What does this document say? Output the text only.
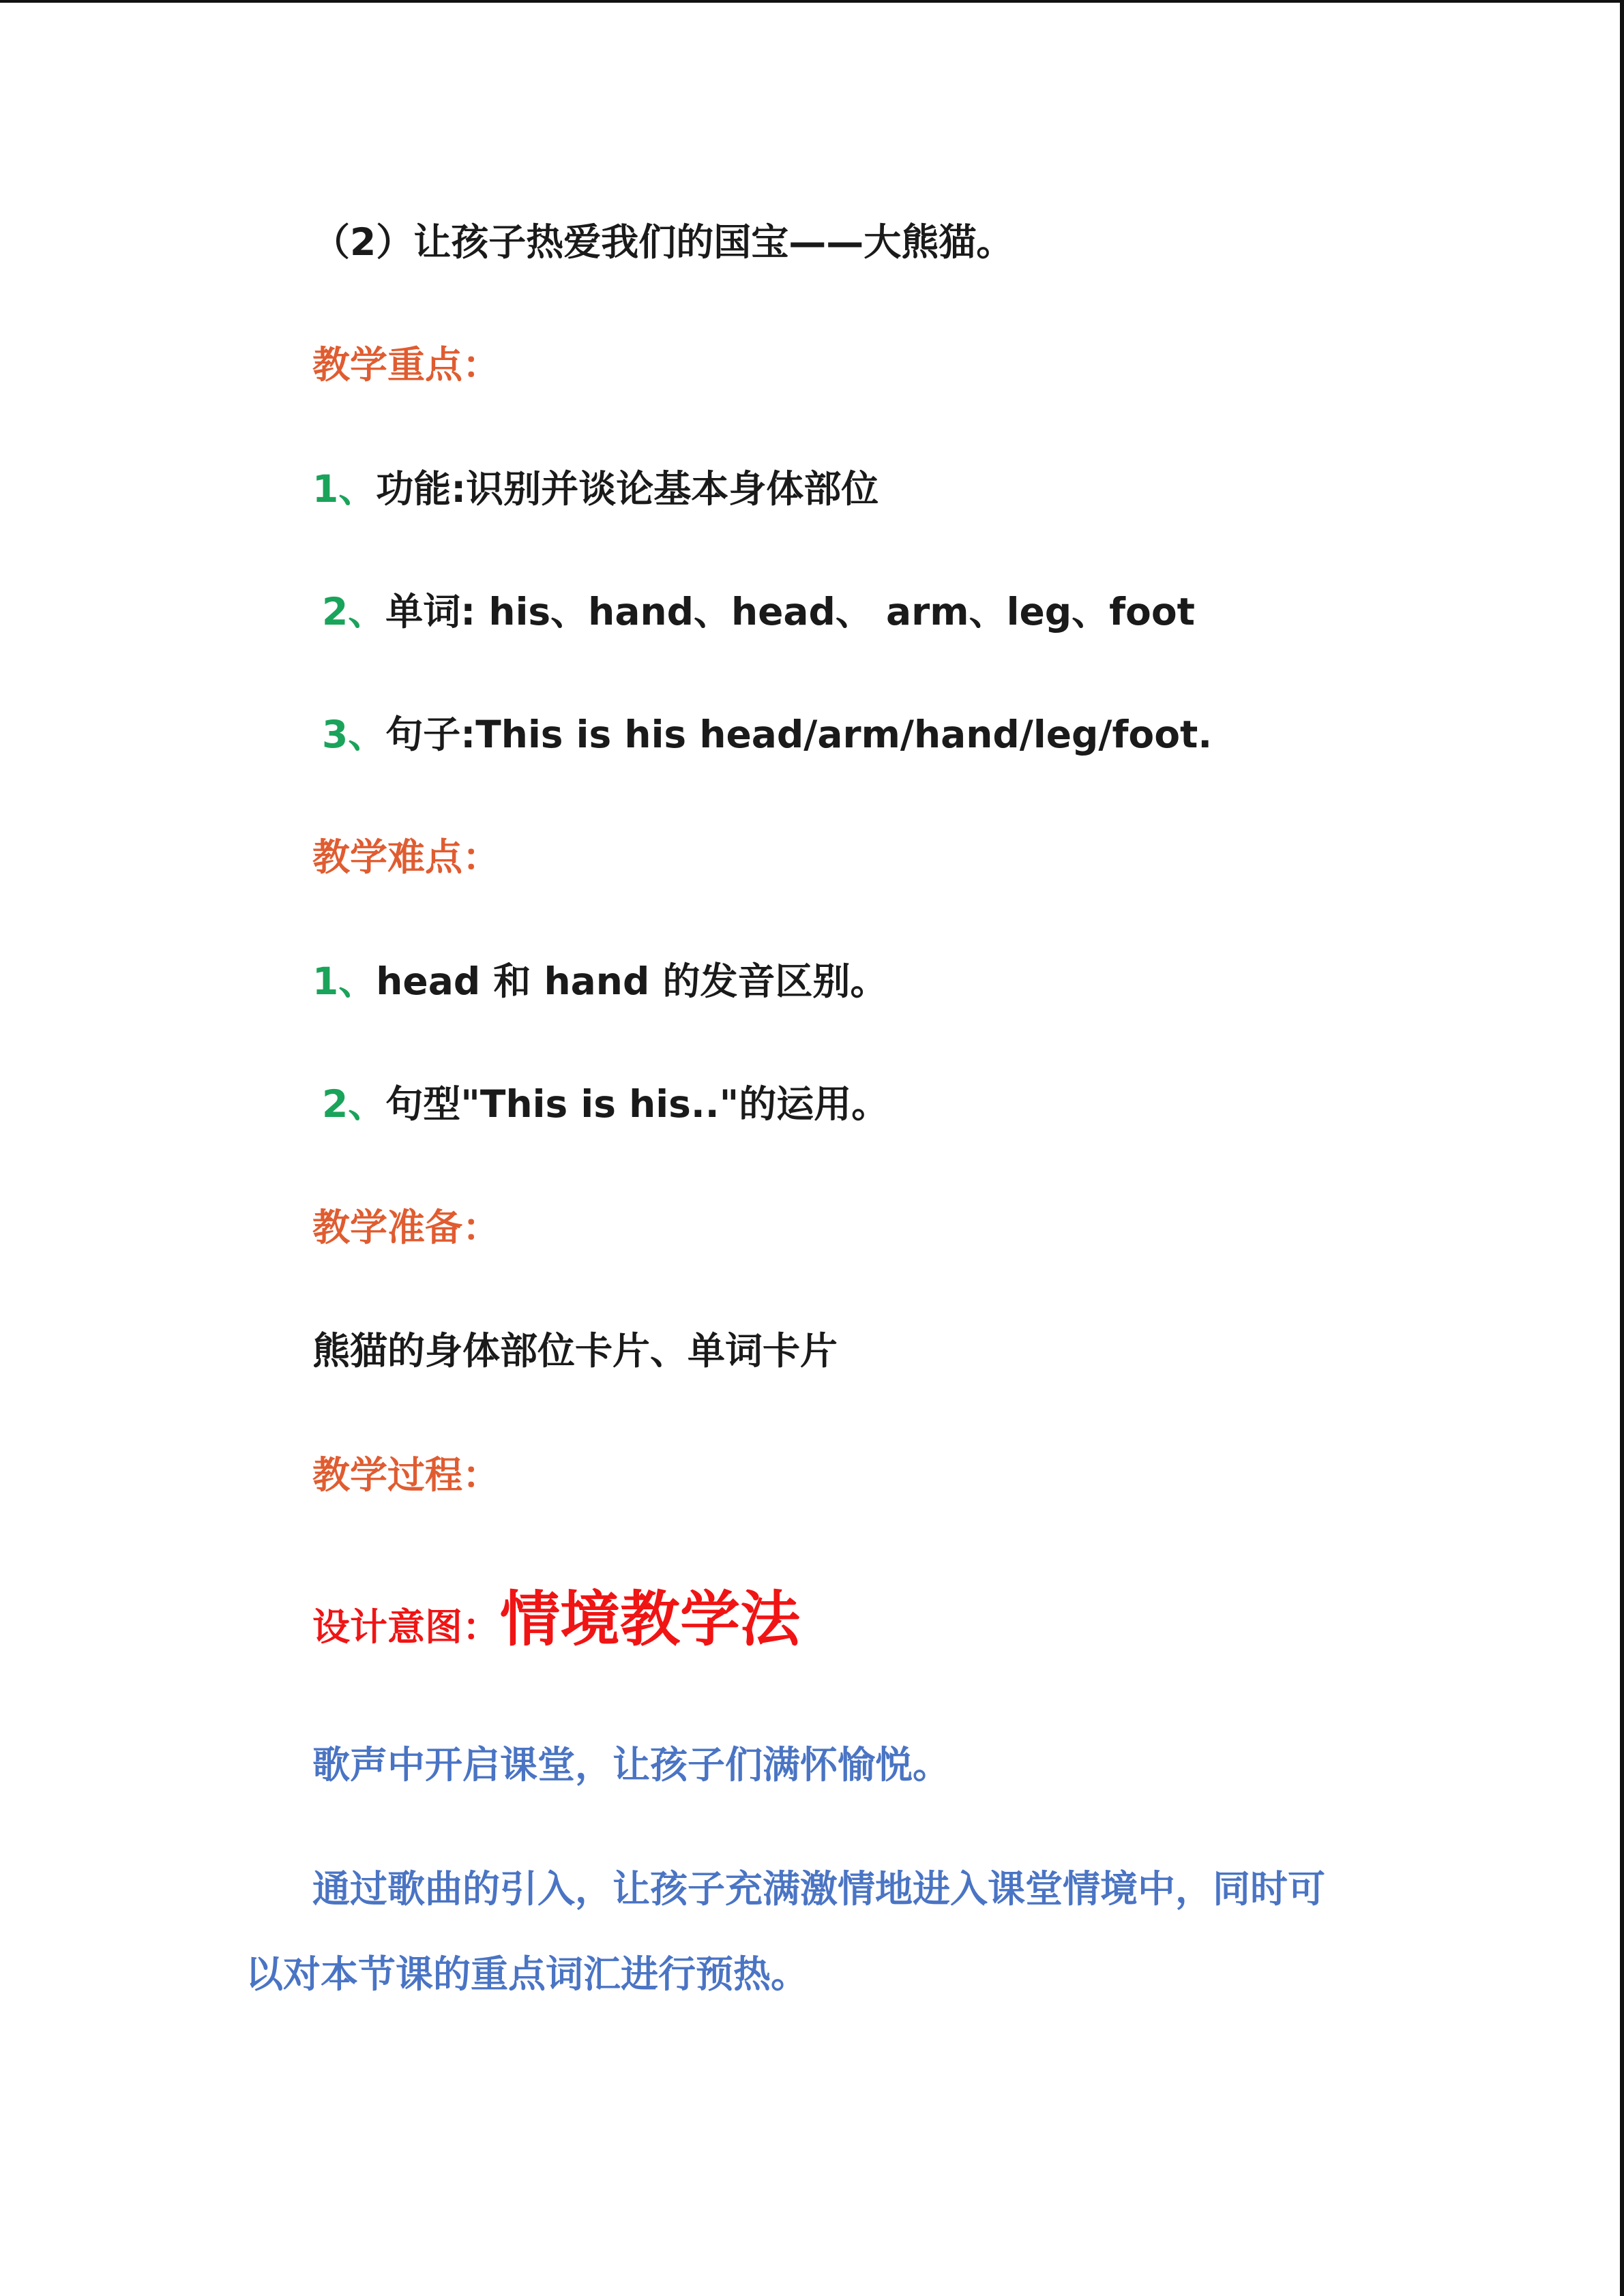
（2）让孩子热爱我们的国宝——大熊猫。
教学重点：
1、功能:识别并谈论基本身体部位
2、单词: his、hand、head、 arm、leg、foot
3、句子:This is his head/arm/hand/leg/foot.
教学难点：
1、head 和 hand 的发音区别。
2、句型"This is his.."的运用。
教学准备：
熊猫的身体部位卡片、单词卡片
教学过程：
设计意图：情境教学法
歌声中开启课堂，让孩子们满怀愉悦。
通过歌曲的引入，让孩子充满激情地进入课堂情境中，同时可
以对本节课的重点词汇进行预热。
